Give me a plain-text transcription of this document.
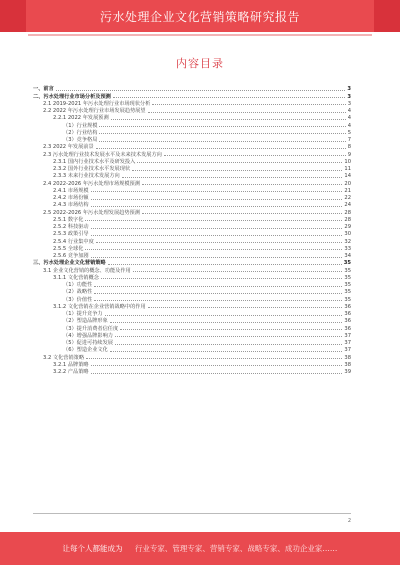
污水处理企业文化营销策略研究报告
内容目录
一、前言	3
二、污水处理行业市场分析及预测	3
2.1 2019-2021 年污水处理行业市场现状分析	3
2.2 2022 年污水处理行业市场发展趋势展望	4
2.2.1 2022 年发展预测	4
（1）行业规模	4
（2）行业结构	5
（3）竞争格局	7
2.3 2022 年发展前景	8
2.3 污水处理行业技术发展水平及未来技术发展方向	9
2.3.1 国内行业技术水平及研发投入	10
2.3.2 国外行业技术水平发展现状	11
2.3.3 未来行业技术发展方向	14
2.4 2022-2026 年污水处理市场规模预测	20
2.4.1 市场规模	21
2.4.2 市场份额	22
2.4.3 市场结构	24
2.5 2022-2026 年污水处理发展趋势预测	28
2.5.1 数字化	28
2.5.2 科技驱动	29
2.5.3 政策引导	30
2.5.4 行业集中度	32
2.5.5 全球化	33
2.5.6 竞争加剧	34
三、污水处理企业文化营销策略	35
3.1 企业文化营销的概念、功能及作用	35
3.1.1 文化营销概念	35
（1）功能性	35
（2）战略性	35
（3）价值性	35
3.1.2 文化营销在企业营销战略中的作用	36
（1）提升竞争力	36
（2）塑造品牌形象	36
（3）提升消费者信任度	36
（4）增强品牌影响力	37
（5）促进可持续发展	37
（6）塑造企业文化	37
3.2 文化营销策略	38
3.2.1 品牌策略	38
3.2.2 产品策略	39
2
让每个人都能成为 行业专家、管理专家、营销专家、战略专家、成功企业家……
